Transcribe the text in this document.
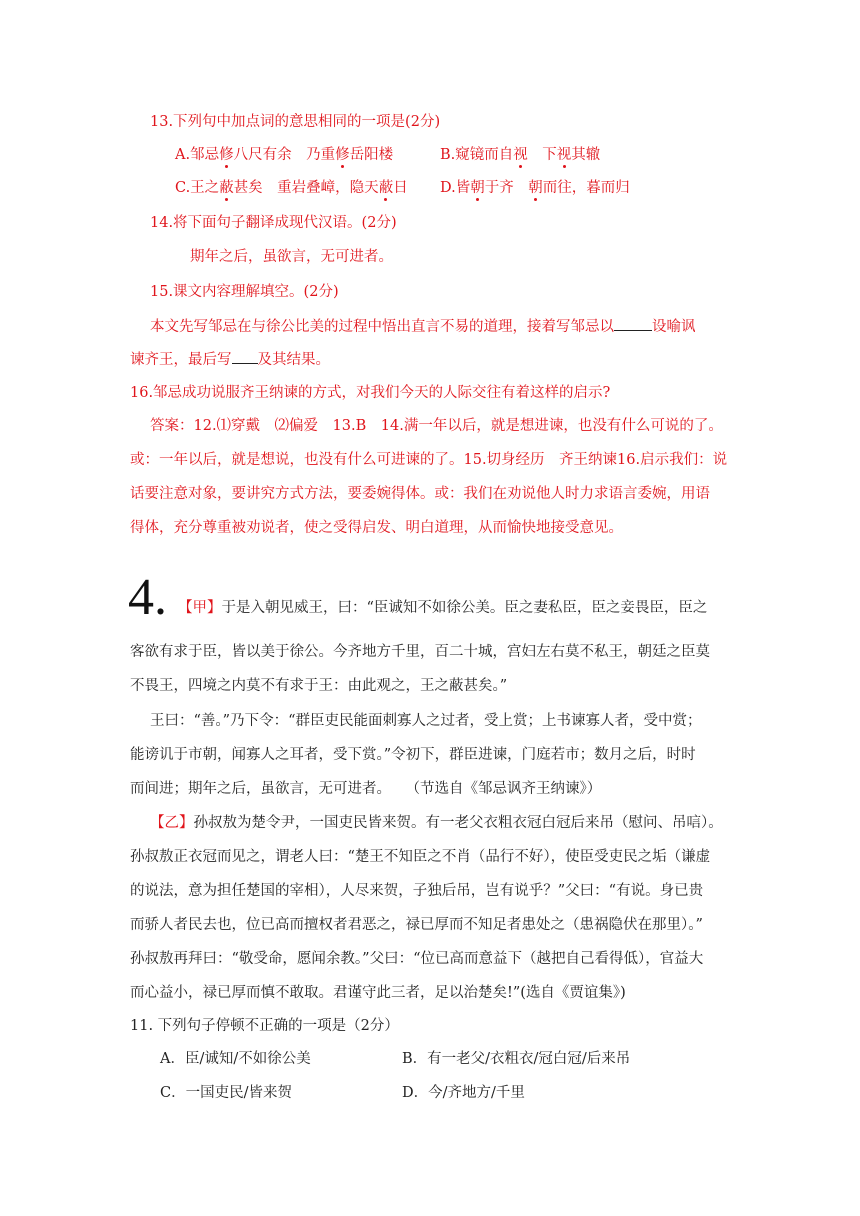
13.下列句中加点词的意思相同的一项是(2分)
A.邹忌修八尺有余　乃重修岳阳楼	B.窥镜而自视　下视其辙
C.王之蔽甚矣　重岩叠嶂，隐天蔽日 D.皆朝于齐　朝而往，暮而归
14.将下面句子翻译成现代汉语。(2分)
期年之后，虽欲言，无可进者。
15.课文内容理解填空。(2分)
本文先写邹忌在与徐公比美的过程中悟出直言不易的道理，接着写邹忌以	设喻讽
谏齐王，最后写 及其结果。
16.邹忌成功说服齐王纳谏的方式，对我们今天的人际交往有着这样的启示?
答案：12.⑴穿戴　⑵偏爱　13.B　14.满一年以后，就是想进谏，也没有什么可说的了。
或：一年以后，就是想说，也没有什么可进谏的了。15.切身经历　齐王纳谏16.启示我们：说
话要注意对象，要讲究方式方法，要委婉得体。或：我们在劝说他人时力求语言委婉，用语
得体，充分尊重被劝说者，使之受得启发、明白道理，从而愉快地接受意见。
4. 【甲】于是入朝见威王，曰：“臣诚知不如徐公美。臣之妻私臣，臣之妾畏臣，臣之
客欲有求于臣，皆以美于徐公。今齐地方千里，百二十城，宫妇左右莫不私王，朝廷之臣莫
不畏王，四境之内莫不有求于王：由此观之，王之蔽甚矣。”
王曰：“善。”乃下令：“群臣吏民能面刺寡人之过者，受上赏；上书谏寡人者，受中赏；
能谤讥于市朝，闻寡人之耳者，受下赏。”令初下，群臣进谏，门庭若市；数月之后，时时
而间进；期年之后，虽欲言，无可进者。　　（节选自《邹忌讽齐王纳谏》）
【乙】孙叔敖为楚令尹，一国吏民皆来贺。有一老父衣粗衣冠白冠后来吊（慰问、吊唁）。
孙叔敖正衣冠而见之，谓老人曰：“楚王不知臣之不肖（品行不好），使臣受吏民之垢（谦虚
的说法，意为担任楚国的宰相），人尽来贺，子独后吊，岂有说乎？”父曰：“有说。身已贵
而骄人者民去也，位已高而擅权者君恶之，禄已厚而不知足者患处之（患祸隐伏在那里）。”
孙叔敖再拜曰：“敬受命，愿闻余教。”父曰：“位已高而意益下（越把自己看得低），官益大
而心益小，禄已厚而慎不敢取。君谨守此三者，足以治楚矣!”(选自《贾谊集》)
11. 下列句子停顿不正确的一项是（2分）
A．臣/诚知/不如徐公美	B．有一老父/衣粗衣/冠白冠/后来吊
C．一国吏民/皆来贺	D．今/齐地方/千里
